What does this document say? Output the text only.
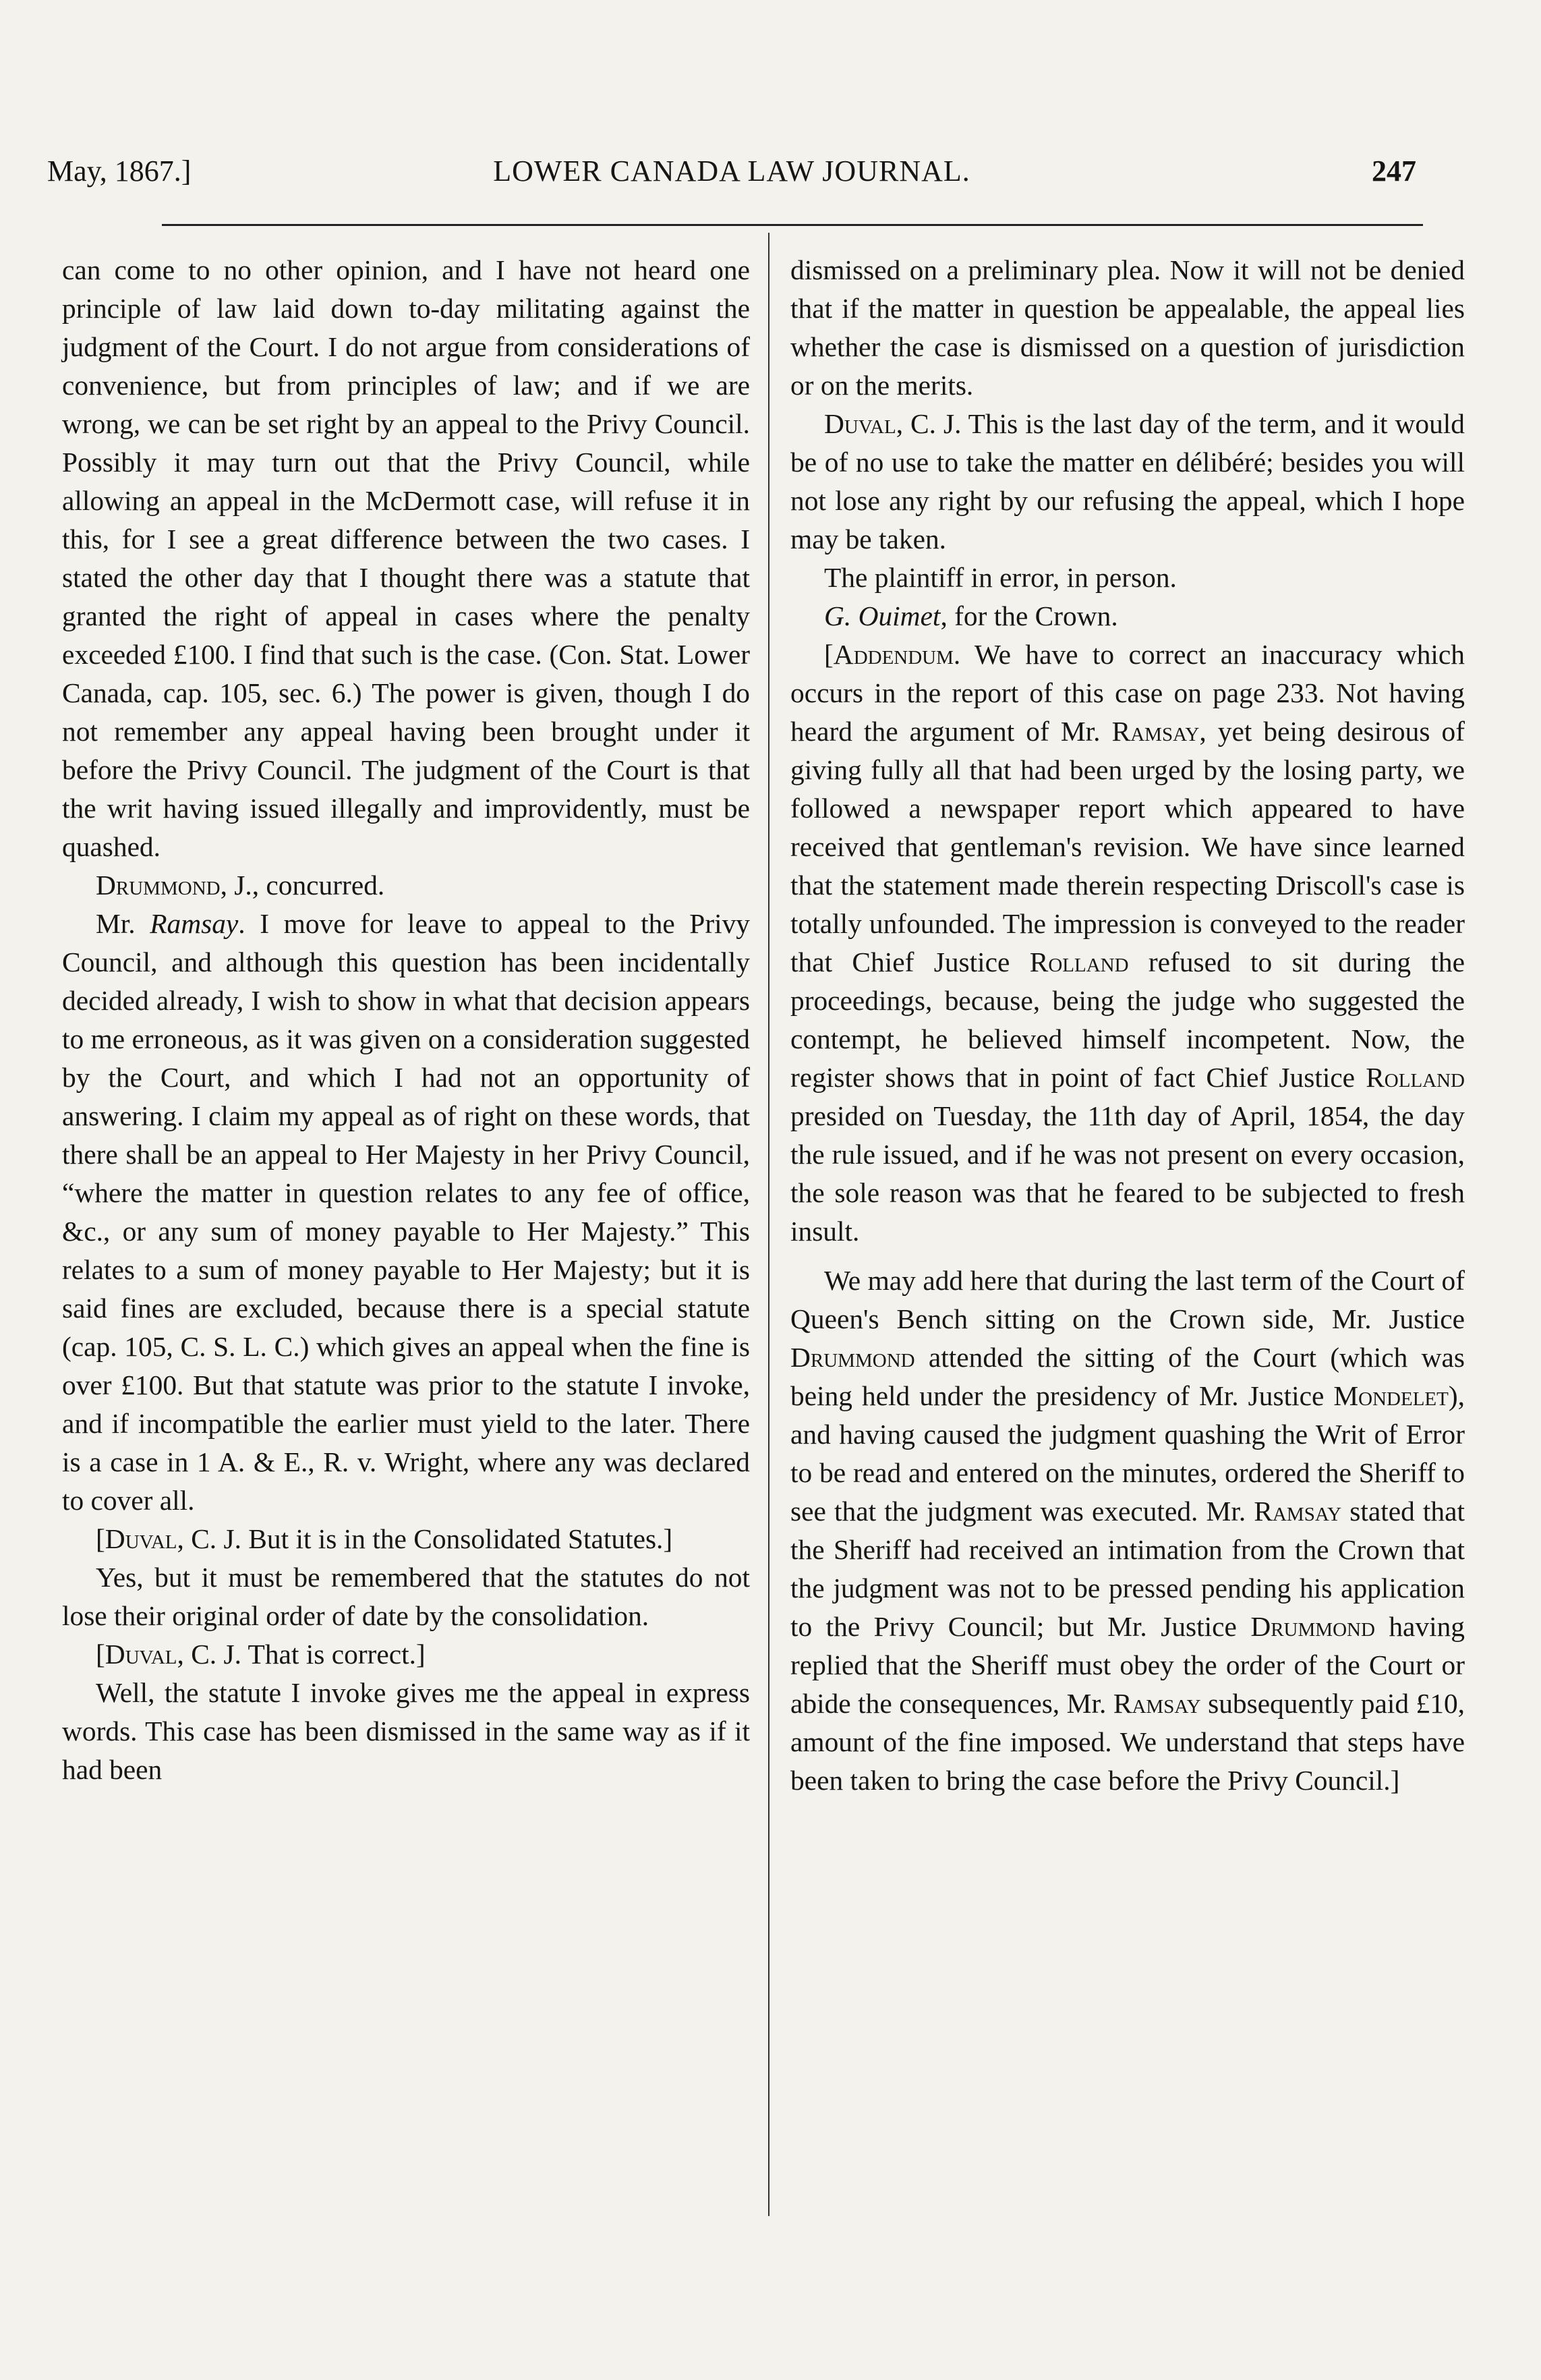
May, 1867.]	LOWER CANADA LAW JOURNAL.	247

can come to no other opinion, and I have not heard one principle of law laid down to-day militating against the judgment of the Court. I do not argue from considerations of convenience, but from principles of law; and if we are wrong, we can be set right by an appeal to the Privy Council. Possibly it may turn out that the Privy Council, while allowing an appeal in the McDermott case, will refuse it in this, for I see a great difference between the two cases. I stated the other day that I thought there was a statute that granted the right of appeal in cases where the penalty exceeded £100. I find that such is the case. (Con. Stat. Lower Canada, cap. 105, sec. 6.) The power is given, though I do not remember any appeal having been brought under it before the Privy Council. The judgment of the Court is that the writ having issued illegally and improvidently, must be quashed.

Drummond, J., concurred.

Mr. Ramsay. I move for leave to appeal to the Privy Council, and although this question has been incidentally decided already, I wish to show in what that decision appears to me erroneous, as it was given on a consideration suggested by the Court, and which I had not an opportunity of answering. I claim my appeal as of right on these words, that there shall be an appeal to Her Majesty in her Privy Council, “where the matter in question relates to any fee of office, &c., or any sum of money payable to Her Majesty.” This relates to a sum of money payable to Her Majesty; but it is said fines are excluded, because there is a special statute (cap. 105, C. S. L. C.) which gives an appeal when the fine is over £100. But that statute was prior to the statute I invoke, and if incompatible the earlier must yield to the later. There is a case in 1 A. & E., R. v. Wright, where any was declared to cover all.

[Duval, C. J. But it is in the Consolidated Statutes.]

Yes, but it must be remembered that the statutes do not lose their original order of date by the consolidation.

[Duval, C. J. That is correct.]

Well, the statute I invoke gives me the appeal in express words. This case has been dismissed in the same way as if it had been

dismissed on a preliminary plea. Now it will not be denied that if the matter in question be appealable, the appeal lies whether the case is dismissed on a question of jurisdiction or on the merits.

Duval, C. J. This is the last day of the term, and it would be of no use to take the matter en délibéré; besides you will not lose any right by our refusing the appeal, which I hope may be taken.

The plaintiff in error, in person.

G. Ouimet, for the Crown.

[Addendum. We have to correct an inaccuracy which occurs in the report of this case on page 233. Not having heard the argument of Mr. Ramsay, yet being desirous of giving fully all that had been urged by the losing party, we followed a newspaper report which appeared to have received that gentleman's revision. We have since learned that the statement made therein respecting Driscoll's case is totally unfounded. The impression is conveyed to the reader that Chief Justice Rolland refused to sit during the proceedings, because, being the judge who suggested the contempt, he believed himself incompetent. Now, the register shows that in point of fact Chief Justice Rolland presided on Tuesday, the 11th day of April, 1854, the day the rule issued, and if he was not present on every occasion, the sole reason was that he feared to be subjected to fresh insult.

We may add here that during the last term of the Court of Queen's Bench sitting on the Crown side, Mr. Justice Drummond attended the sitting of the Court (which was being held under the presidency of Mr. Justice Mondelet), and having caused the judgment quashing the Writ of Error to be read and entered on the minutes, ordered the Sheriff to see that the judgment was executed. Mr. Ramsay stated that the Sheriff had received an intimation from the Crown that the judgment was not to be pressed pending his application to the Privy Council; but Mr. Justice Drummond having replied that the Sheriff must obey the order of the Court or abide the consequences, Mr. Ramsay subsequently paid £10, amount of the fine imposed. We understand that steps have been taken to bring the case before the Privy Council.]
